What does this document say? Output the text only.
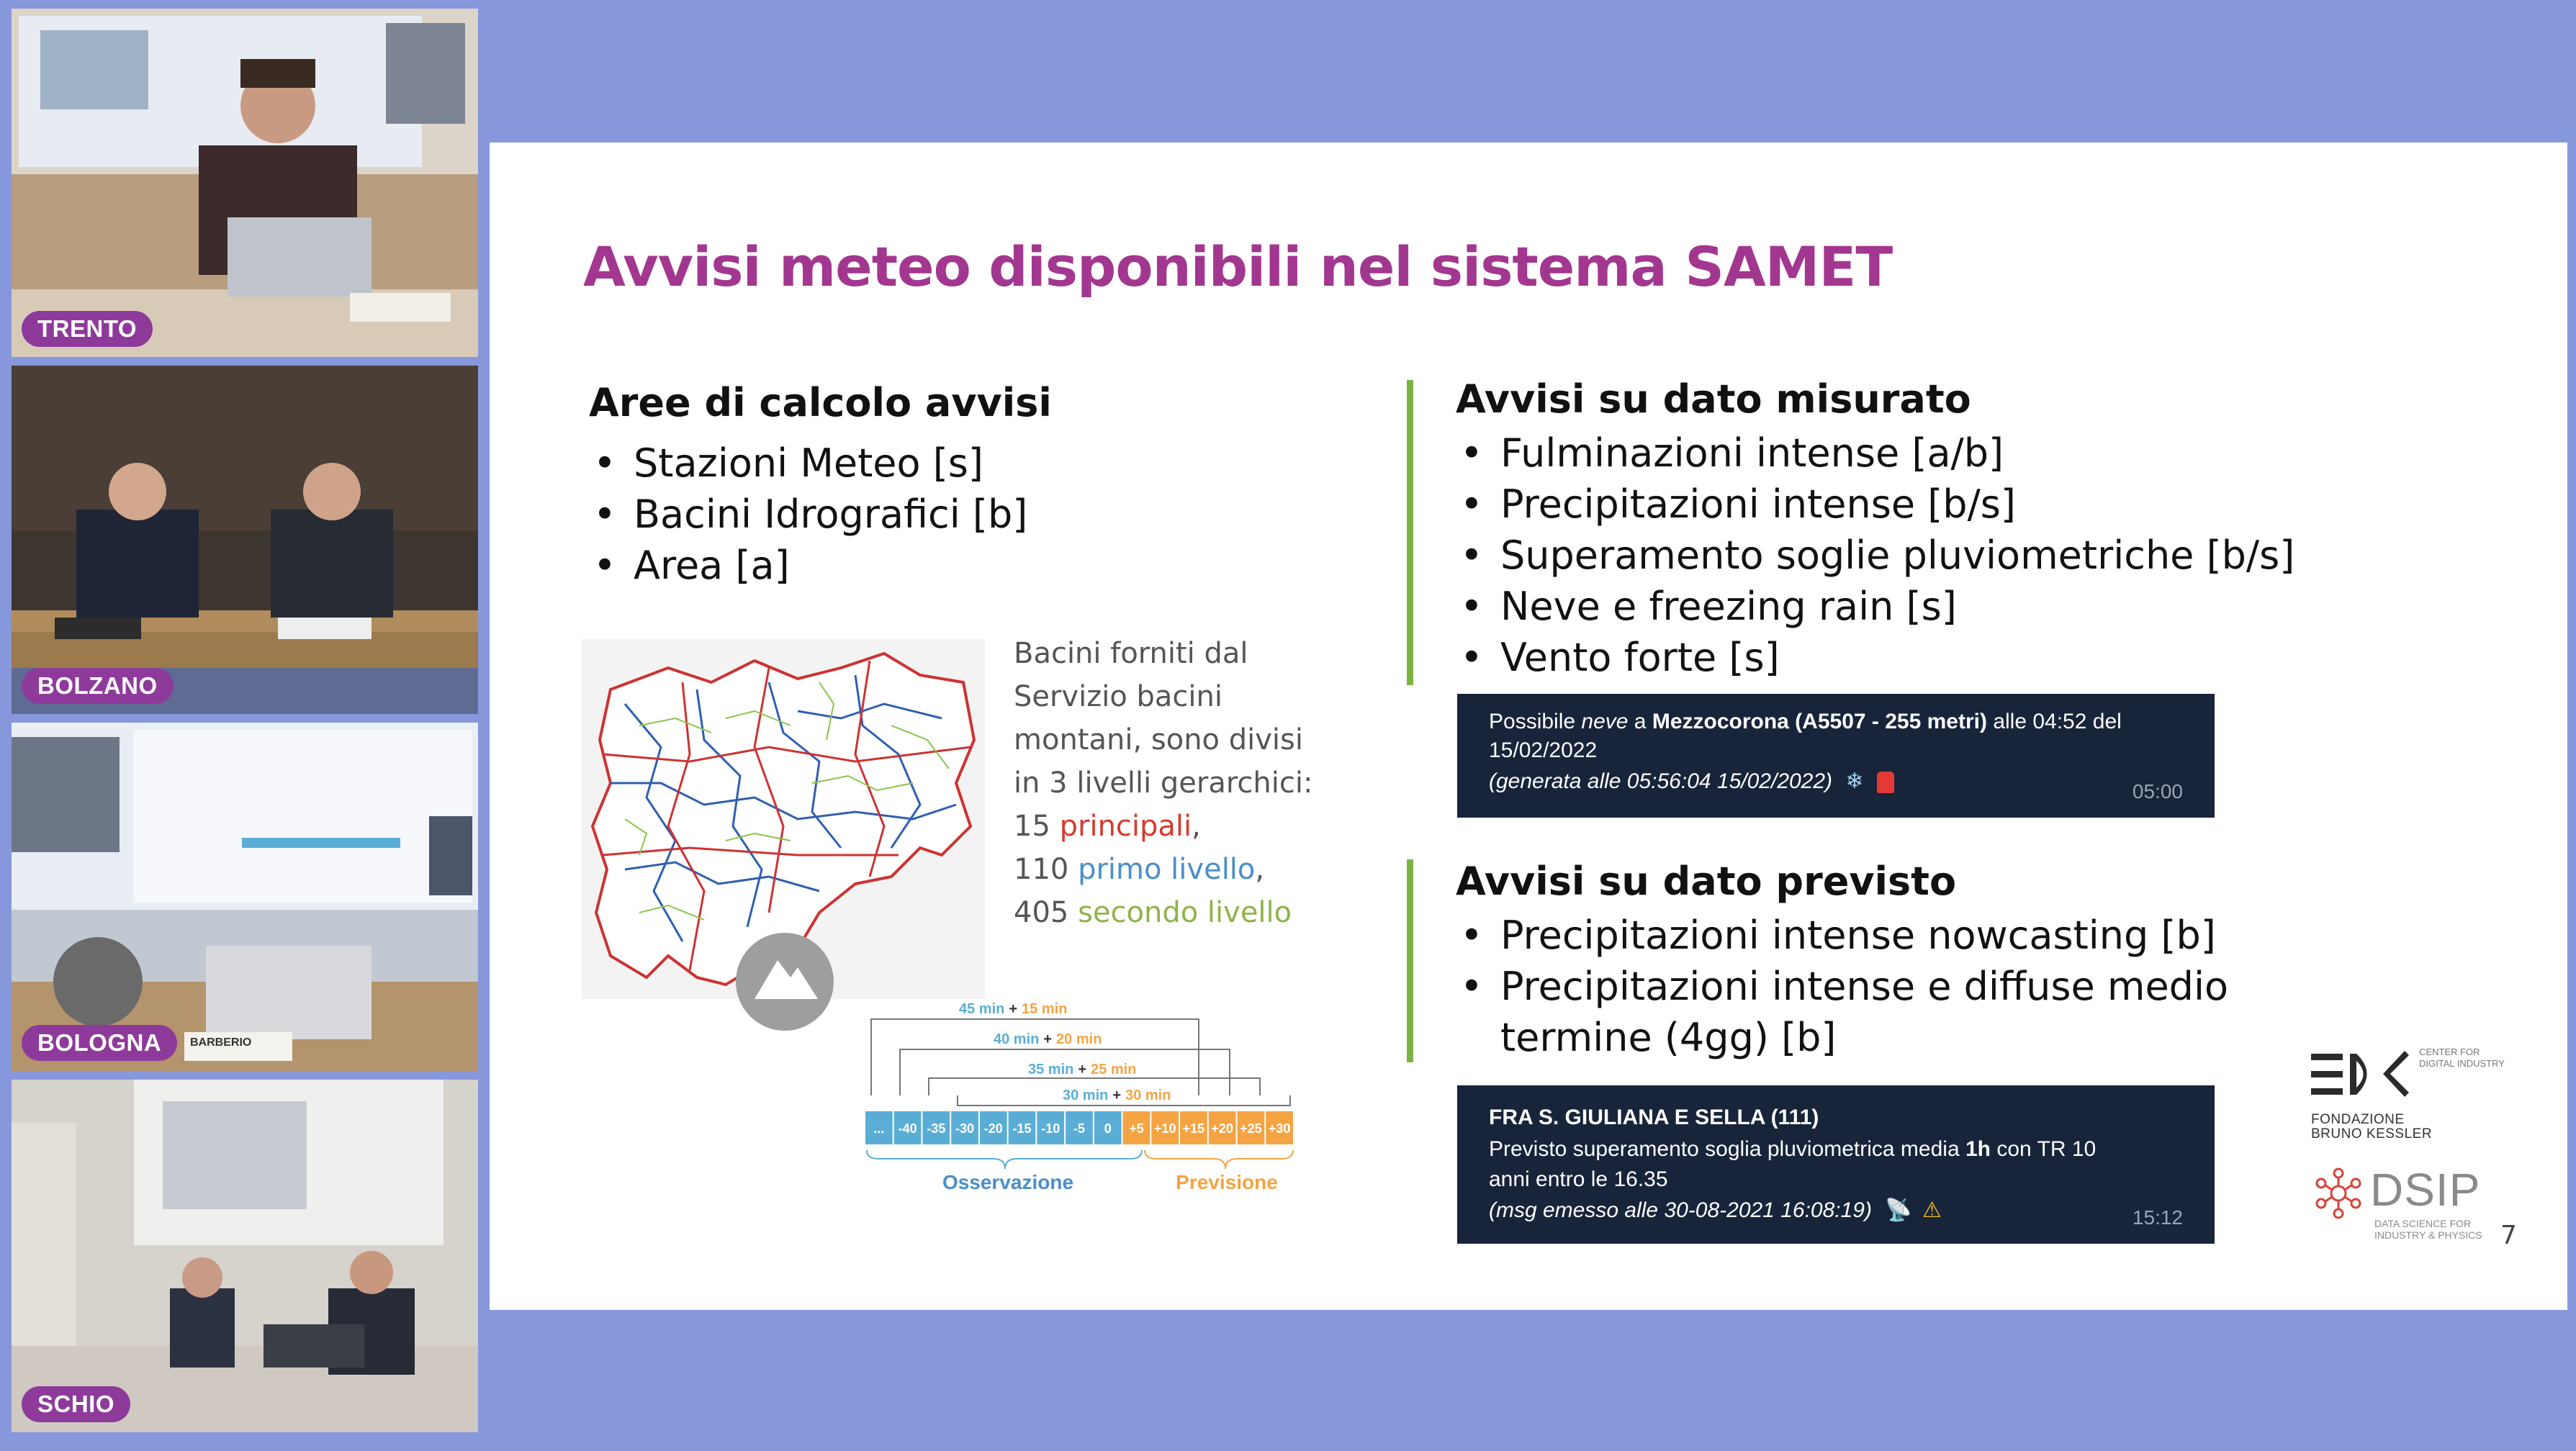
TRENTO
BOLZANO
BARBERIO
BOLOGNA
SCHIO
Avvisi meteo disponibili nel sistema SAMET
Aree di calcolo avvisi
• Stazioni Meteo [s]
• Bacini Idrografici [b]
• Area [a]
Bacini forniti dal
Servizio bacini
montani, sono divisi
in 3 livelli gerarchici:
15 principali,
110 primo livello,
405 secondo livello
45 min + 15 min
40 min + 20 min
35 min + 25 min
30 min + 30 min
... -40 -35 -30 -20 -15 -10 -5 0 +5 +10 +15 +20 +25 +30
Osservazione	Previsione
Avvisi su dato misurato
• Fulminazioni intense [a/b]
• Precipitazioni intense [b/s]
• Superamento soglie pluviometriche [b/s]
• Neve e freezing rain [s]
• Vento forte [s]
Possibile neve a Mezzocorona (A5507 - 255 metri) alle 04:52 del
15/02/2022
(generata alle 05:56:04 15/02/2022) ❄	05:00
Avvisi su dato previsto
• Precipitazioni intense nowcasting [b]
• Precipitazioni intense e diffuse medio
termine (4gg) [b]
FRA S. GIULIANA E SELLA (111)
Previsto superamento soglia pluviometrica media 1h con TR 10
anni entro le 16.35
(msg emesso alle 30-08-2021 16:08:19) 📡 ⚠	15:12
CENTER FOR
DIGITAL INDUSTRY
FONDAZIONE
BRUNO KESSLER
DSIP
DATA SCIENCE FOR
INDUSTRY & PHYSICS 7
